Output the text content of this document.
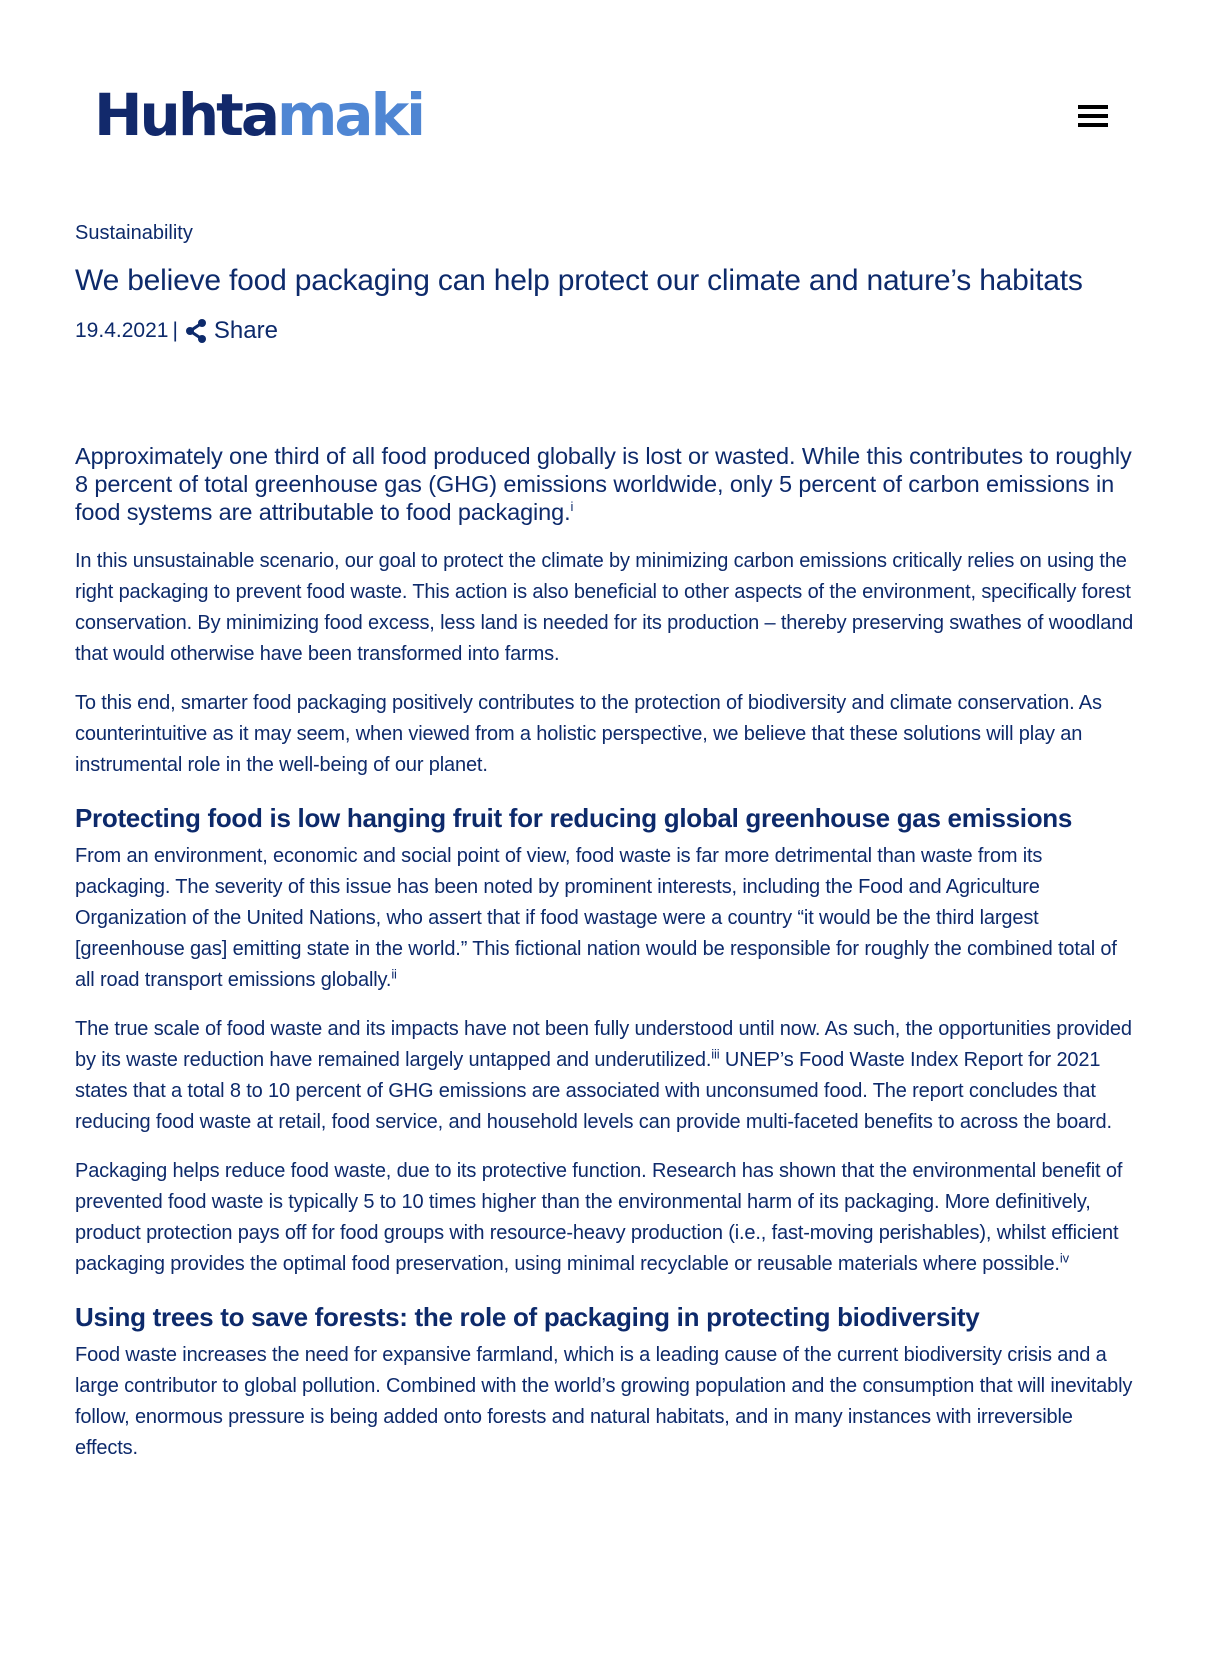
Huhtamaki
Sustainability
We believe food packaging can help protect our climate and nature’s habitats
19.4.2021 | Share

Approximately one third of all food produced globally is lost or wasted. While this contributes to roughly 8 percent of total greenhouse gas (GHG) emissions worldwide, only 5 percent of carbon emissions in food systems are attributable to food packaging.$^i$

In this unsustainable scenario, our goal to protect the climate by minimizing carbon emissions critically relies on using the right packaging to prevent food waste. This action is also beneficial to other aspects of the environment, specifically forest conservation. By minimizing food excess, less land is needed for its production – thereby preserving swathes of woodland that would otherwise have been transformed into farms.

To this end, smarter food packaging positively contributes to the protection of biodiversity and climate conservation. As counterintuitive as it may seem, when viewed from a holistic perspective, we believe that these solutions will play an instrumental role in the well-being of our planet.

Protecting food is low hanging fruit for reducing global greenhouse gas emissions

From an environment, economic and social point of view, food waste is far more detrimental than waste from its packaging. The severity of this issue has been noted by prominent interests, including the Food and Agriculture Organization of the United Nations, who assert that if food wastage were a country “it would be the third largest [greenhouse gas] emitting state in the world.” This fictional nation would be responsible for roughly the combined total of all road transport emissions globally.$^{ii}$

The true scale of food waste and its impacts have not been fully understood until now. As such, the opportunities provided by its waste reduction have remained largely untapped and underutilized.$^{iii}$ UNEP’s Food Waste Index Report for 2021 states that a total 8 to 10 percent of GHG emissions are associated with unconsumed food. The report concludes that reducing food waste at retail, food service, and household levels can provide multi-faceted benefits to across the board.

Packaging helps reduce food waste, due to its protective function. Research has shown that the environmental benefit of prevented food waste is typically 5 to 10 times higher than the environmental harm of its packaging. More definitively, product protection pays off for food groups with resource-heavy production (i.e., fast-moving perishables), whilst efficient packaging provides the optimal food preservation, using minimal recyclable or reusable materials where possible.$^{iv}$

Using trees to save forests: the role of packaging in protecting biodiversity

Food waste increases the need for expansive farmland, which is a leading cause of the current biodiversity crisis and a large contributor to global pollution. Combined with the world’s growing population and the consumption that will inevitably follow, enormous pressure is being added onto forests and natural habitats, and in many instances with irreversible effects.
